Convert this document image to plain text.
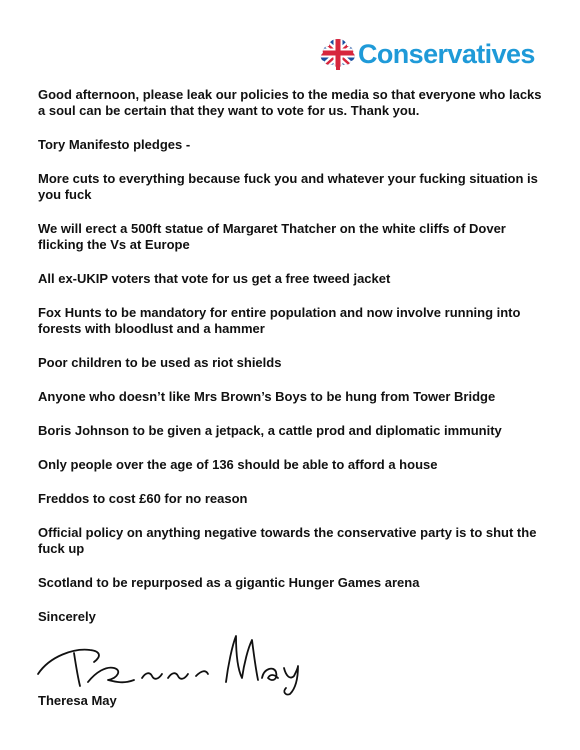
Conservatives

Good afternoon, please leak our policies to the media so that everyone who lacks a soul can be certain that they want to vote for us. Thank you.

Tory Manifesto pledges -

More cuts to everything because fuck you and whatever your fucking situation is you fuck

We will erect a 500ft statue of Margaret Thatcher on the white cliffs of Dover flicking the Vs at Europe

All ex-UKIP voters that vote for us get a free tweed jacket

Fox Hunts to be mandatory for entire population and now involve running into forests with bloodlust and a hammer

Poor children to be used as riot shields

Anyone who doesn’t like Mrs Brown’s Boys to be hung from Tower Bridge

Boris Johnson to be given a jetpack, a cattle prod and diplomatic immunity

Only people over the age of 136 should be able to afford a house

Freddos to cost £60 for no reason

Official policy on anything negative towards the conservative party is to shut the fuck up

Scotland to be repurposed as a gigantic Hunger Games arena

Sincerely

Theresa May
